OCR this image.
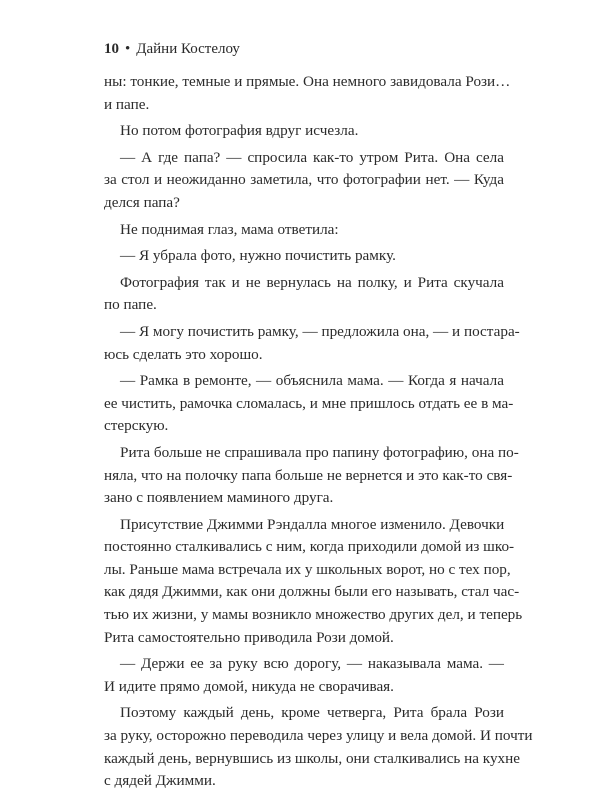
10 • Дайни Костелоу
ны: тонкие, темные и прямые. Она немного завидовала Рози…
и папе.
Но потом фотография вдруг исчезла.
— А где папа? — спросила как-то утром Рита. Она села
за стол и неожиданно заметила, что фотографии нет. — Куда
делся папа?
Не поднимая глаз, мама ответила:
— Я убрала фото, нужно почистить рамку.
Фотография так и не вернулась на полку, и Рита скучала
по папе.
— Я могу почистить рамку, — предложила она, — и постара-
юсь сделать это хорошо.
— Рамка в ремонте, — объяснила мама. — Когда я начала
ее чистить, рамочка сломалась, и мне пришлось отдать ее в ма-
стерскую.
Рита больше не спрашивала про папину фотографию, она по-
няла, что на полочку папа больше не вернется и это как-то свя-
зано с появлением маминого друга.
Присутствие Джимми Рэндалла многое изменило. Девочки
постоянно сталкивались с ним, когда приходили домой из шко-
лы. Раньше мама встречала их у школьных ворот, но с тех пор,
как дядя Джимми, как они должны были его называть, стал час-
тью их жизни, у мамы возникло множество других дел, и теперь
Рита самостоятельно приводила Рози домой.
— Держи ее за руку всю дорогу, — наказывала мама. —
И идите прямо домой, никуда не сворачивая.
Поэтому каждый день, кроме четверга, Рита брала Рози
за руку, осторожно переводила через улицу и вела домой. И почти
каждый день, вернувшись из школы, они сталкивались на кухне
с дядей Джимми.
